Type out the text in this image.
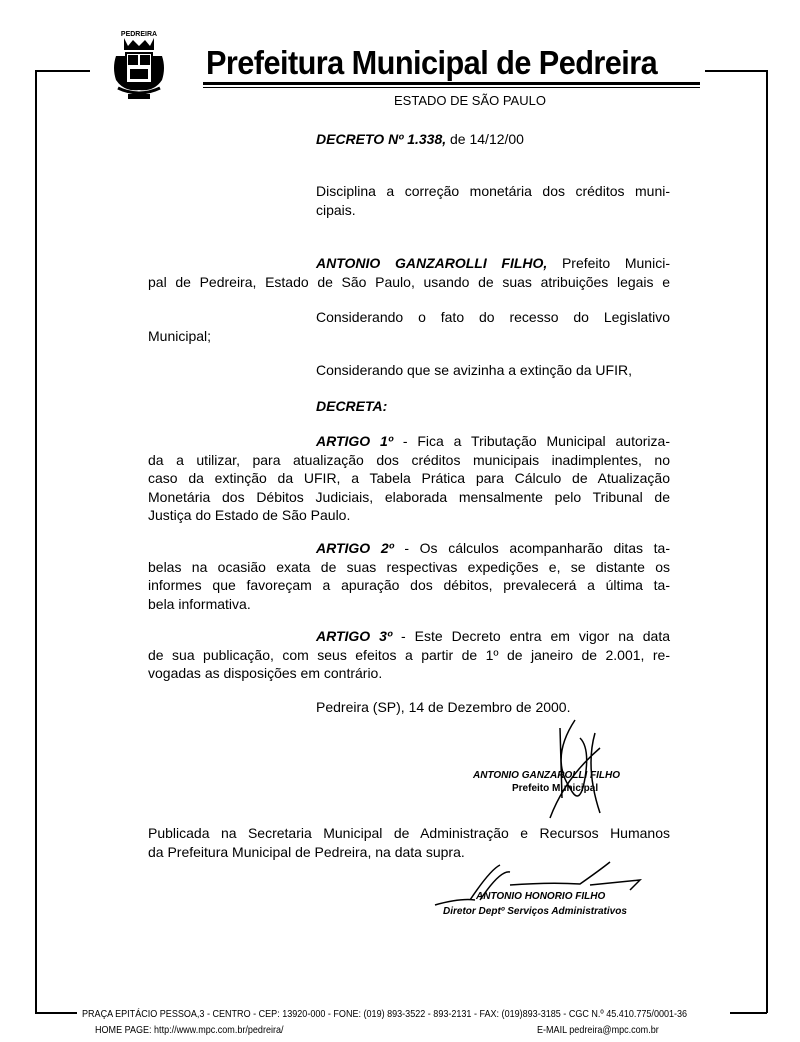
PEDREIRA
Prefeitura Municipal de Pedreira
ESTADO DE SÃO PAULO
DECRETO Nº 1.338, de 14/12/00
Disciplina a correção monetária dos créditos muni-
cipais.
ANTONIO GANZAROLLI FILHO, Prefeito Munici-
pal de Pedreira, Estado de São Paulo, usando de suas atribuições legais e
Considerando o fato do recesso do Legislativo
Municipal;
Considerando que se avizinha a extinção da UFIR,
DECRETA:
ARTIGO 1º - Fica a Tributação Municipal autoriza-
da a utilizar, para atualização dos créditos municipais inadimplentes, no
caso da extinção da UFIR, a Tabela Prática para Cálculo de Atualização
Monetária dos Débitos Judiciais, elaborada mensalmente pelo Tribunal de
Justiça do Estado de São Paulo.
ARTIGO 2º - Os cálculos acompanharão ditas ta-
belas na ocasião exata de suas respectivas expedições e, se distante os
informes que favoreçam a apuração dos débitos, prevalecerá a última ta-
bela informativa.
ARTIGO 3º - Este Decreto entra em vigor na data
de sua publicação, com seus efeitos a partir de 1º de janeiro de 2.001, re-
vogadas as disposições em contrário.
Pedreira (SP), 14 de Dezembro de 2000.
ANTONIO GANZAROLLI FILHO
Prefeito Municipal
Publicada na Secretaria Municipal de Administração e Recursos Humanos
da Prefeitura Municipal de Pedreira, na data supra.
ANTONIO HONORIO FILHO
Diretor Deptº Serviços Administrativos
PRAÇA EPITÁCIO PESSOA,3 - CENTRO - CEP: 13920-000 - FONE: (019) 893-3522 - 893-2131 - FAX: (019)893-3185 - CGC N.º 45.410.775/0001-36
HOME PAGE: http://www.mpc.com.br/pedreira/	E-MAIL pedreira@mpc.com.br
